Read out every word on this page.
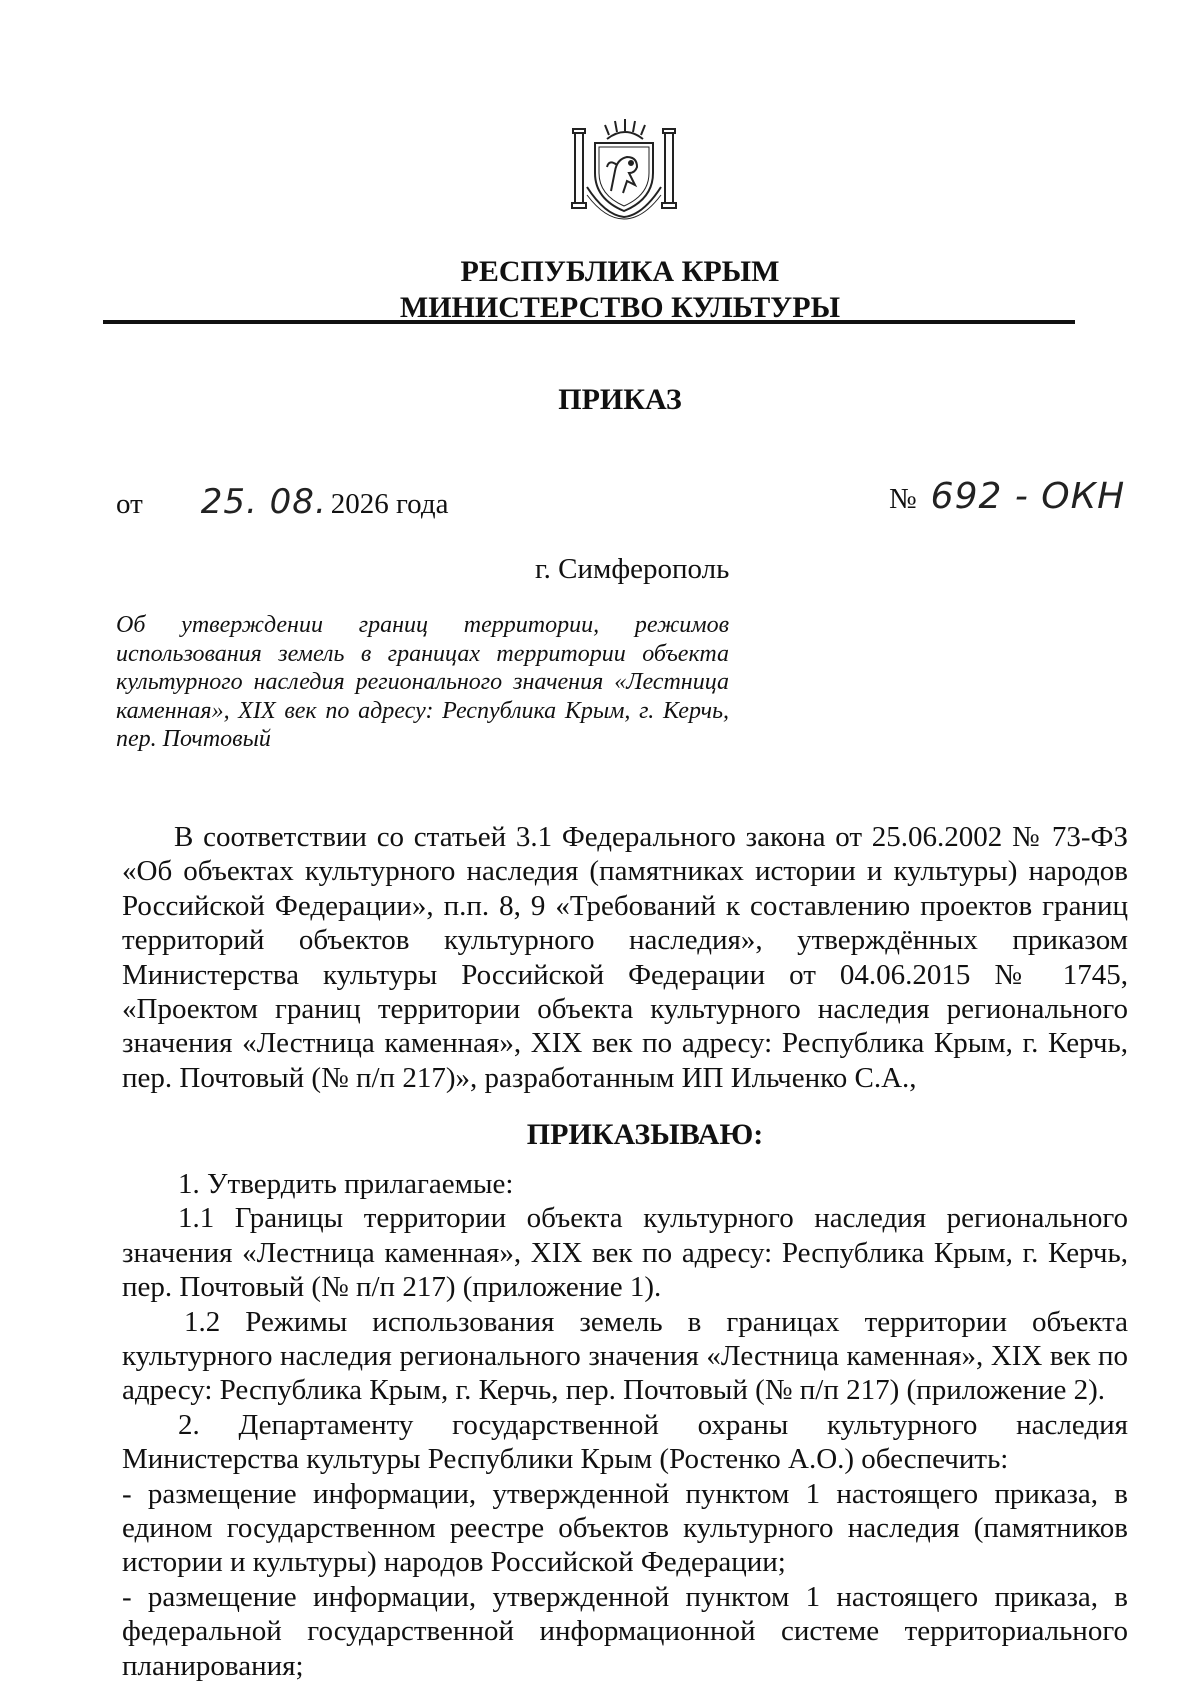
РЕСПУБЛИКА КРЫМ
МИНИСТЕРСТВО КУЛЬТУРЫ
ПРИКАЗ
от 25. 08. 2026 года	№ 692 - ОКН
г. Симферополь
Об утверждении границ территории, режимов использования земель в границах территории объекта культурного наследия регионального значения «Лестница каменная», XIX век по адресу: Республика Крым, г. Керчь, пер. Почтовый

В соответствии со статьей 3.1 Федерального закона от 25.06.2002 № 73-ФЗ «Об объектах культурного наследия (памятниках истории и культуры) народов Российской Федерации», п.п. 8, 9 «Требований к составлению проектов границ территорий объектов культурного наследия», утверждённых приказом Министерства культуры Российской Федерации от 04.06.2015 № 1745, «Проектом границ территории объекта культурного наследия регионального значения «Лестница каменная», XIX век по адресу: Республика Крым, г. Керчь, пер. Почтовый (№ п/п 217)», разработанным ИП Ильченко С.А.,

ПРИКАЗЫВАЮ:

1. Утвердить прилагаемые:

1.1 Границы территории объекта культурного наследия регионального значения «Лестница каменная», XIX век по адресу: Республика Крым, г. Керчь, пер. Почтовый (№ п/п 217) (приложение 1).

1.2 Режимы использования земель в границах территории объекта культурного наследия регионального значения «Лестница каменная», XIX век по адресу: Республика Крым, г. Керчь, пер. Почтовый (№ п/п 217) (приложение 2).

2. Департаменту государственной охраны культурного наследия Министерства культуры Республики Крым (Ростенко А.О.) обеспечить:

- размещение информации, утвержденной пунктом 1 настоящего приказа, в едином государственном реестре объектов культурного наследия (памятников истории и культуры) народов Российской Федерации;

- размещение информации, утвержденной пунктом 1 настоящего приказа, в федеральной государственной информационной системе территориального планирования;
